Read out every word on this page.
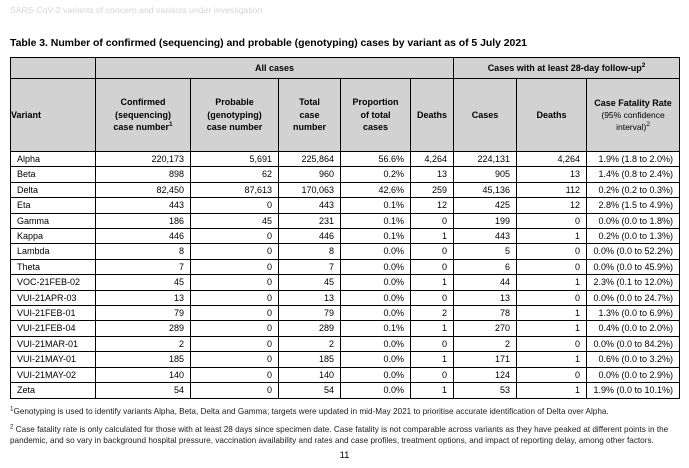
SARS-CoV-2 variants of concern and variants under investigation
Table 3. Number of confirmed (sequencing) and probable (genotyping) cases by variant as of 5 July 2021
	All cases					Cases with at least 28-day follow-$up^2$
Variant	Confirmed
(sequencing)
case number$^1$	Probable
(genotyping)
case number	Total
case
number	Proportion
of total
cases	Deaths	Cases	Deaths	Case Fatality Rate
(95% confidence
interval)$^2$

Alpha	220,173	5,691	225,864	56.6%	4,264	224,131	4,264	1.9% (1.8 to 2.0%)
Beta	898	62	960	0.2%	13	905	13	1.4% (0.8 to 2.4%)
Delta	82,450	87,613	170,063	42.6%	259	45,136	112	0.2% (0.2 to 0.3%)
Eta	443	0	443	0.1%	12	425	12	2.8% (1.5 to 4.9%)
Gamma	186	45	231	0.1%	0	199	0	0.0% (0.0 to 1.8%)
Kappa	446	0	446	0.1%	1	443	1	0.2% (0.0 to 1.3%)
Lambda	8	0	8	0.0%	0	5	0	0.0% (0.0 to 52.2%)
Theta	7	0	7	0.0%	0	6	0	0.0% (0.0 to 45.9%)
VOC-21FEB-02	45	0	45	0.0%	1	44	1	2.3% (0.1 to 12.0%)
VUI-21APR-03	13	0	13	0.0%	0	13	0	0.0% (0.0 to 24.7%)
VUI-21FEB-01	79	0	79	0.0%	2	78	1	1.3% (0.0 to 6.9%)
VUI-21FEB-04	289	0	289	0.1%	1	270	1	0.4% (0.0 to 2.0%)
VUI-21MAR-01	2	0	2	0.0%	0	2	0	0.0% (0.0 to 84.2%)
VUI-21MAY-01	185	0	185	0.0%	1	171	1	0.6% (0.0 to 3.2%)
VUI-21MAY-02	140	0	140	0.0%	0	124	0	0.0% (0.0 to 2.9%)
Zeta	54	0	54	0.0%	1	53	1	1.9% (0.0 to 10.1%)
$^1$Genotyping is used to identify variants Alpha, Beta, Delta and Gamma; targets were updated in mid-May 2021 to prioritise accurate identification of Delta over Alpha.
$^2$ Case fatality rate is only calculated for those with at least 28 days since specimen date. Case fatality is not comparable across variants as they have peaked at different points in the pandemic, and so vary in background hospital pressure, vaccination availability and rates and case profiles, treatment options, and impact of reporting delay, among other factors.
11
